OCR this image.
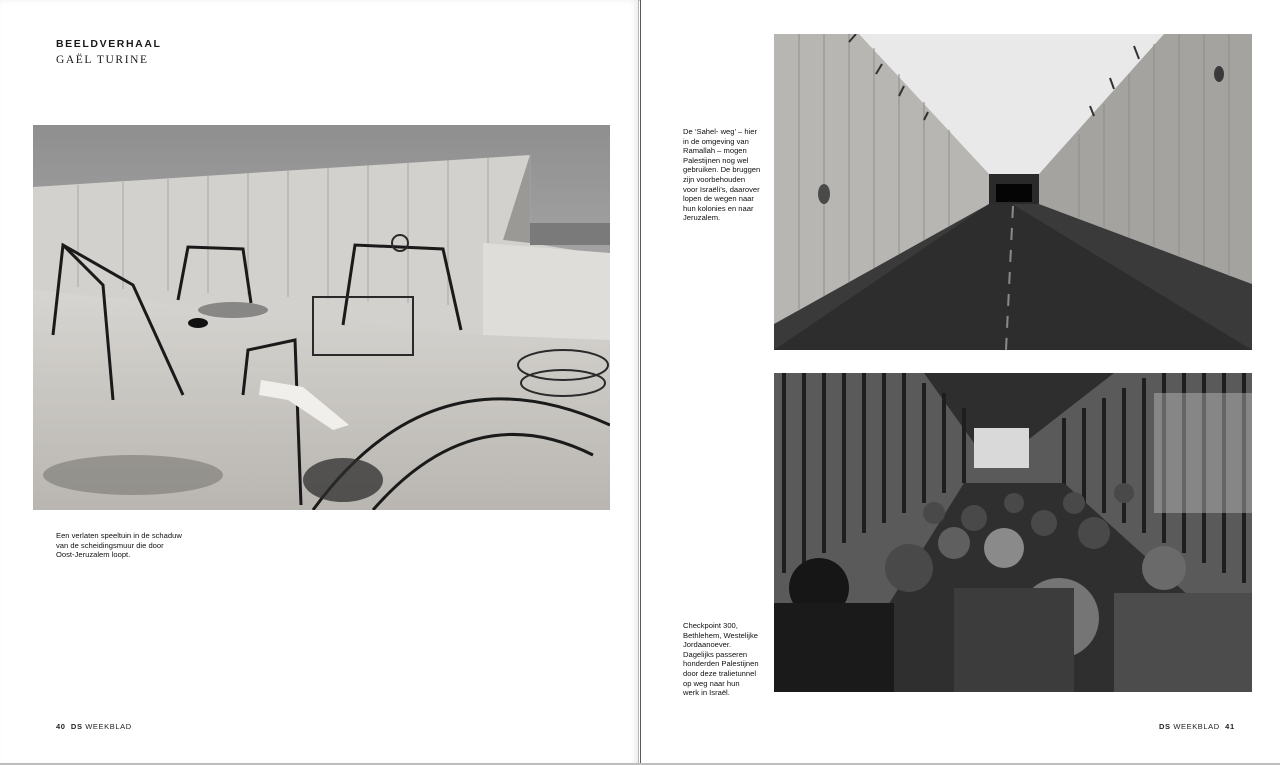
BEELDVERHAAL
GAËL TURINE
Een verlaten speeltuin in de schaduw
van de scheidingsmuur die door
Oost-Jeruzalem loopt.
40 DS WEEKBLAD
De ‘Sahel- weg’ – hier
in de omgeving van
Ramallah – mogen
Palestijnen nog wel
gebruiken. De bruggen
zijn voorbehouden
voor Israëli’s, daarover
lopen de wegen naar
hun kolonies en naar
Jeruzalem.
Checkpoint 300,
Bethlehem, Westelijke
Jordaanoever.
Dagelijks passeren
honderden Palestijnen
door deze tralietunnel
op weg naar hun
werk in Israël.
DS WEEKBLAD 41
